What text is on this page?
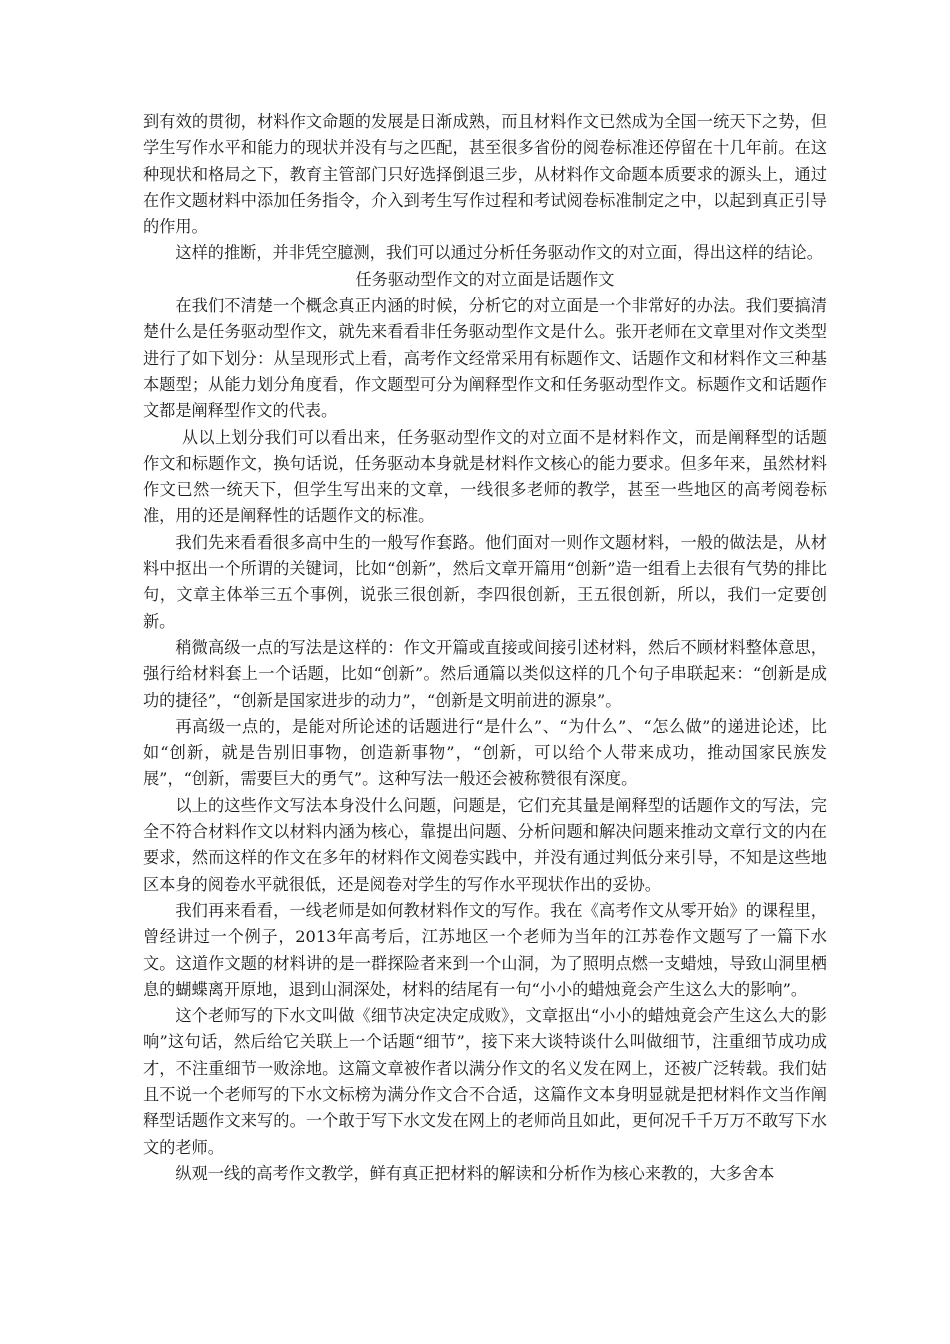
到有效的贯彻，材料作文命题的发展是日渐成熟，而且材料作文已然成为全国一统天下之势，但学生写作水平和能力的现状并没有与之匹配，甚至很多省份的阅卷标准还停留在十几年前。在这种现状和格局之下，教育主管部门只好选择倒退三步，从材料作文命题本质要求的源头上，通过在作文题材料中添加任务指令，介入到考生写作过程和考试阅卷标准制定之中，以起到真正引导的作用。

这样的推断，并非凭空臆测，我们可以通过分析任务驱动作文的对立面，得出这样的结论。

任务驱动型作文的对立面是话题作文

在我们不清楚一个概念真正内涵的时候，分析它的对立面是一个非常好的办法。我们要搞清楚什么是任务驱动型作文，就先来看看非任务驱动型作文是什么。张开老师在文章里对作文类型进行了如下划分：从呈现形式上看，高考作文经常采用有标题作文、话题作文和材料作文三种基本题型；从能力划分角度看，作文题型可分为阐释型作文和任务驱动型作文。标题作文和话题作文都是阐释型作文的代表。

从以上划分我们可以看出来，任务驱动型作文的对立面不是材料作文，而是阐释型的话题作文和标题作文，换句话说，任务驱动本身就是材料作文核心的能力要求。但多年来，虽然材料作文已然一统天下，但学生写出来的文章，一线很多老师的教学，甚至一些地区的高考阅卷标准，用的还是阐释性的话题作文的标准。

我们先来看看很多高中生的一般写作套路。他们面对一则作文题材料，一般的做法是，从材料中抠出一个所谓的关键词，比如“创新”，然后文章开篇用“创新”造一组看上去很有气势的排比句，文章主体举三五个事例，说张三很创新，李四很创新，王五很创新，所以，我们一定要创新。

稍微高级一点的写法是这样的：作文开篇或直接或间接引述材料，然后不顾材料整体意思，强行给材料套上一个话题，比如“创新”。然后通篇以类似这样的几个句子串联起来：“创新是成功的捷径”，“创新是国家进步的动力”，“创新是文明前进的源泉”。

再高级一点的，是能对所论述的话题进行“是什么”、“为什么”、“怎么做”的递进论述，比如“创新，就是告别旧事物，创造新事物”，“创新，可以给个人带来成功，推动国家民族发展”，“创新，需要巨大的勇气”。这种写法一般还会被称赞很有深度。

以上的这些作文写法本身没什么问题，问题是，它们充其量是阐释型的话题作文的写法，完全不符合材料作文以材料内涵为核心，靠提出问题、分析问题和解决问题来推动文章行文的内在要求，然而这样的作文在多年的材料作文阅卷实践中，并没有通过判低分来引导，不知是这些地区本身的阅卷水平就很低，还是阅卷对学生的写作水平现状作出的妥协。

我们再来看看，一线老师是如何教材料作文的写作。我在《高考作文从零开始》的课程里，曾经讲过一个例子，2013年高考后，江苏地区一个老师为当年的江苏卷作文题写了一篇下水文。这道作文题的材料讲的是一群探险者来到一个山洞，为了照明点燃一支蜡烛，导致山洞里栖息的蝴蝶离开原地，退到山洞深处，材料的结尾有一句“小小的蜡烛竟会产生这么大的影响”。

这个老师写的下水文叫做《细节决定决定成败》，文章抠出“小小的蜡烛竟会产生这么大的影响”这句话，然后给它关联上一个话题“细节”，接下来大谈特谈什么叫做细节，注重细节成功成才，不注重细节一败涂地。这篇文章被作者以满分作文的名义发在网上，还被广泛转载。我们姑且不说一个老师写的下水文标榜为满分作文合不合适，这篇作文本身明显就是把材料作文当作阐释型话题作文来写的。一个敢于写下水文发在网上的老师尚且如此，更何况千千万万不敢写下水文的老师。

纵观一线的高考作文教学，鲜有真正把材料的解读和分析作为核心来教的，大多舍本
